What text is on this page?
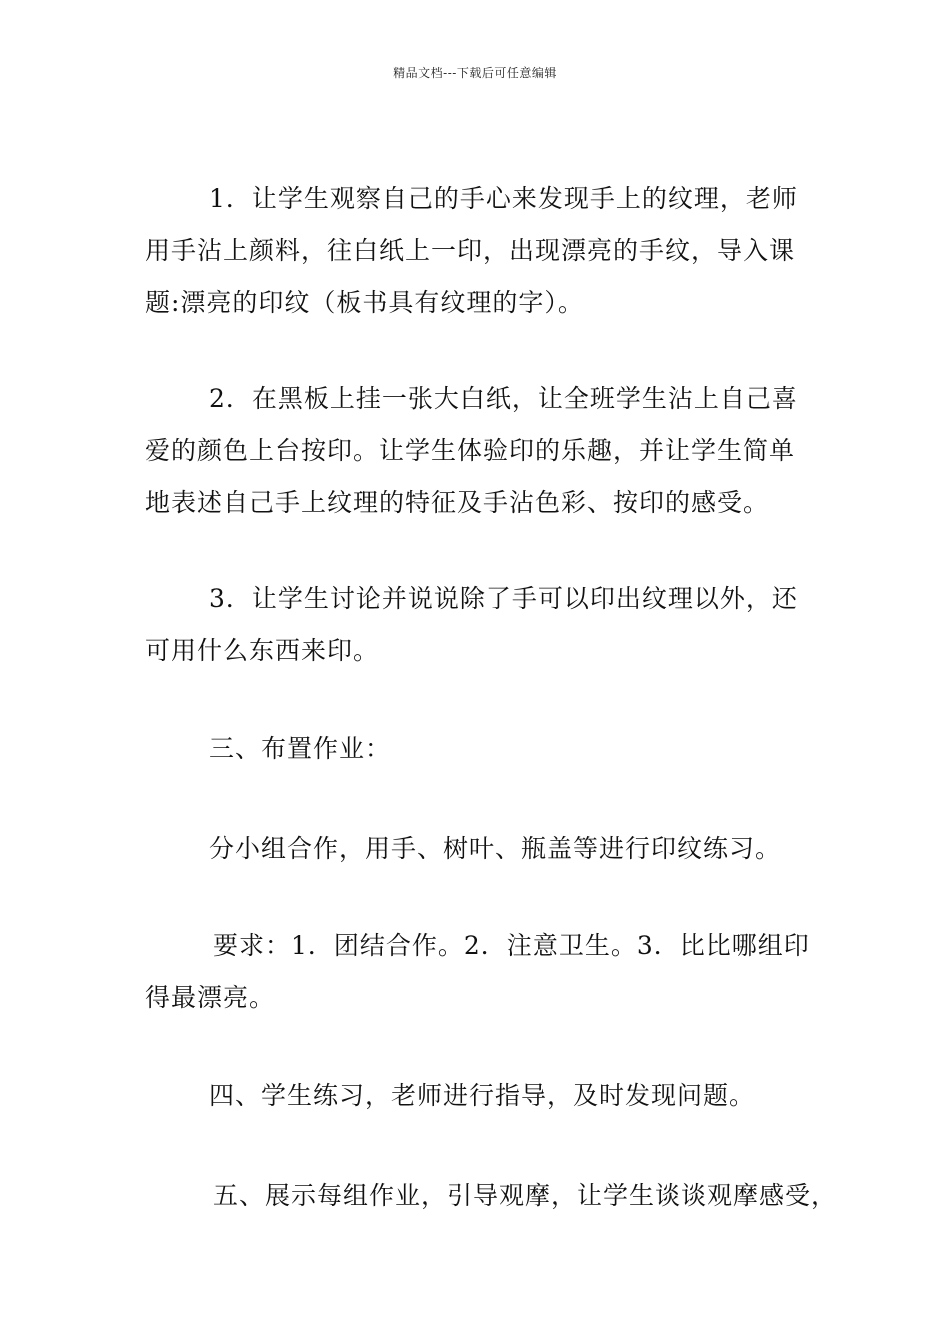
精品文档---下载后可任意编辑
1．让学生观察自己的手心来发现手上的纹理，老师
用手沾上颜料，往白纸上一印，出现漂亮的手纹，导入课
题:漂亮的印纹（板书具有纹理的字）。
2．在黑板上挂一张大白纸，让全班学生沾上自己喜
爱的颜色上台按印。让学生体验印的乐趣，并让学生简单
地表述自己手上纹理的特征及手沾色彩、按印的感受。
3．让学生讨论并说说除了手可以印出纹理以外，还
可用什么东西来印。
三、布置作业：
分小组合作，用手、树叶、瓶盖等进行印纹练习。
要求：1．团结合作。2．注意卫生。3．比比哪组印
得最漂亮。
四、学生练习，老师进行指导，及时发现问题。
五、展示每组作业，引导观摩，让学生谈谈观摩感受，
